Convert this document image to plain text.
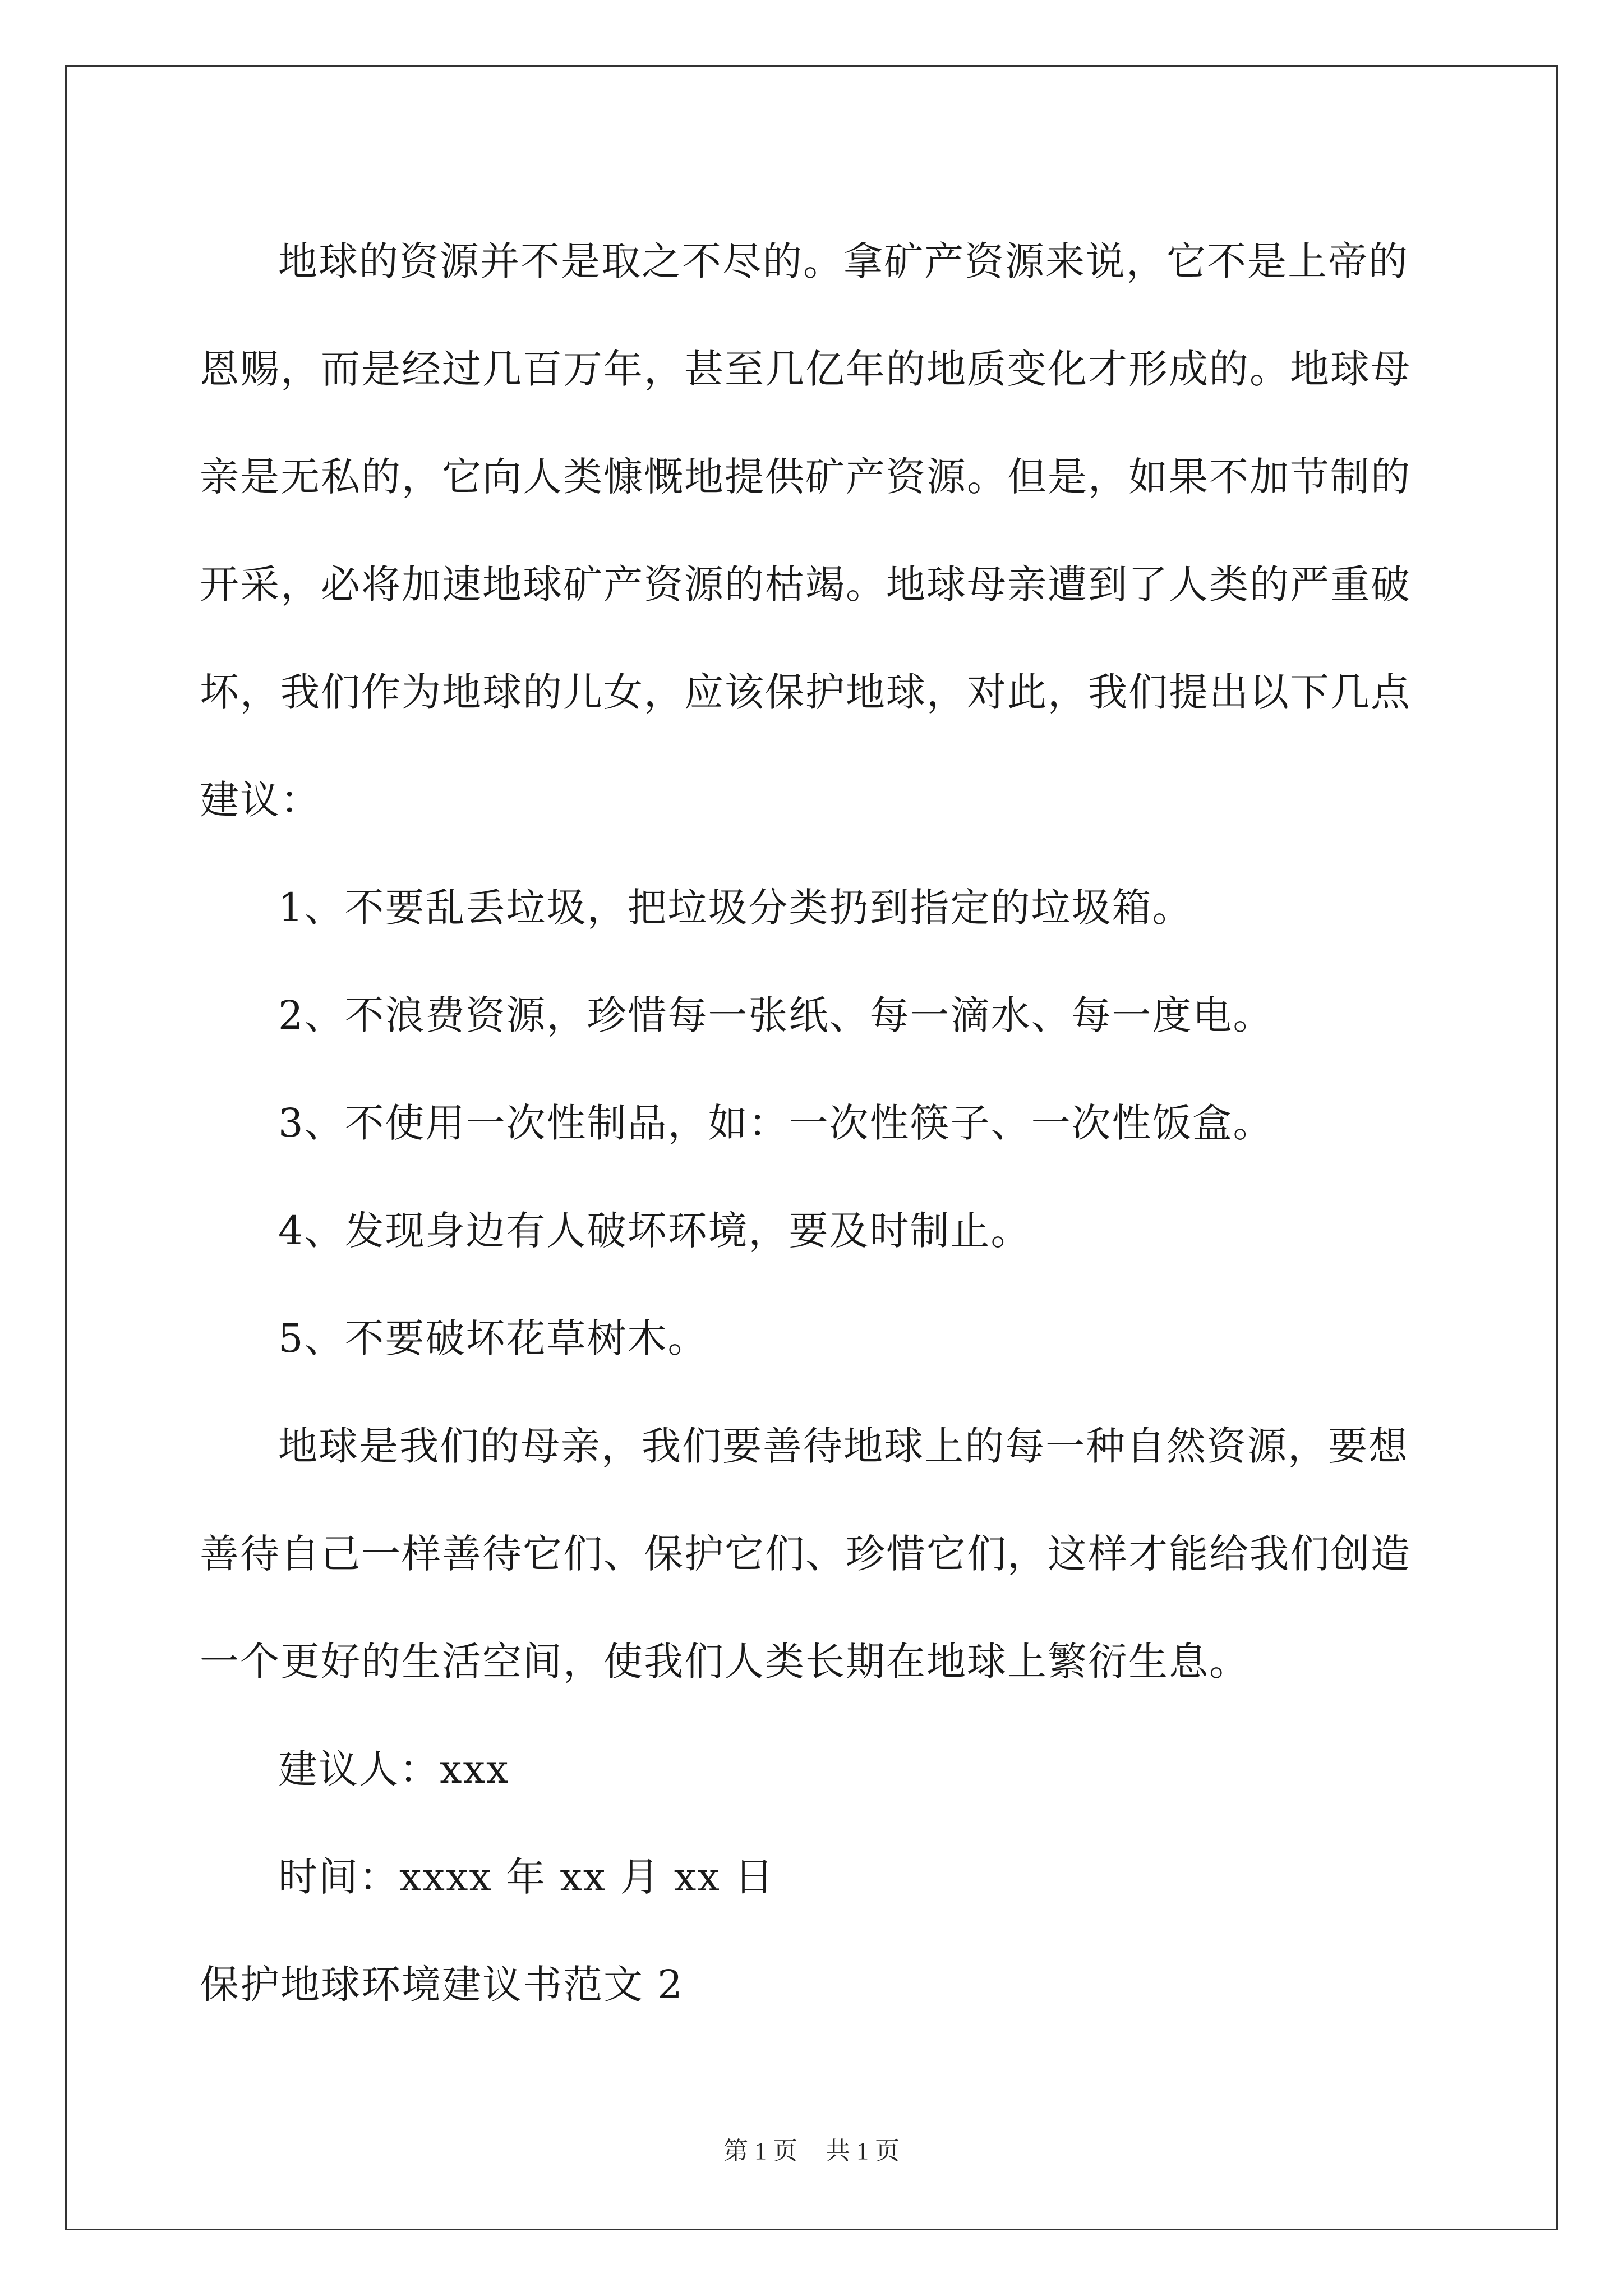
地球的资源并不是取之不尽的。拿矿产资源来说，它不是上帝的恩赐，而是经过几百万年，甚至几亿年的地质变化才形成的。地球母亲是无私的，它向人类慷慨地提供矿产资源。但是，如果不加节制的开采，必将加速地球矿产资源的枯竭。地球母亲遭到了人类的严重破坏，我们作为地球的儿女，应该保护地球，对此，我们提出以下几点建议：

1、不要乱丢垃圾，把垃圾分类扔到指定的垃圾箱。

2、不浪费资源，珍惜每一张纸、每一滴水、每一度电。

3、不使用一次性制品，如：一次性筷子、一次性饭盒。

4、发现身边有人破坏环境，要及时制止。

5、不要破坏花草树木。

地球是我们的母亲，我们要善待地球上的每一种自然资源，要想善待自己一样善待它们、保护它们、珍惜它们，这样才能给我们创造一个更好的生活空间，使我们人类长期在地球上繁衍生息。

建议人：xxx

时间：xxxx 年 xx 月 xx 日

保护地球环境建议书范文 2

第 1 页 共 1 页
